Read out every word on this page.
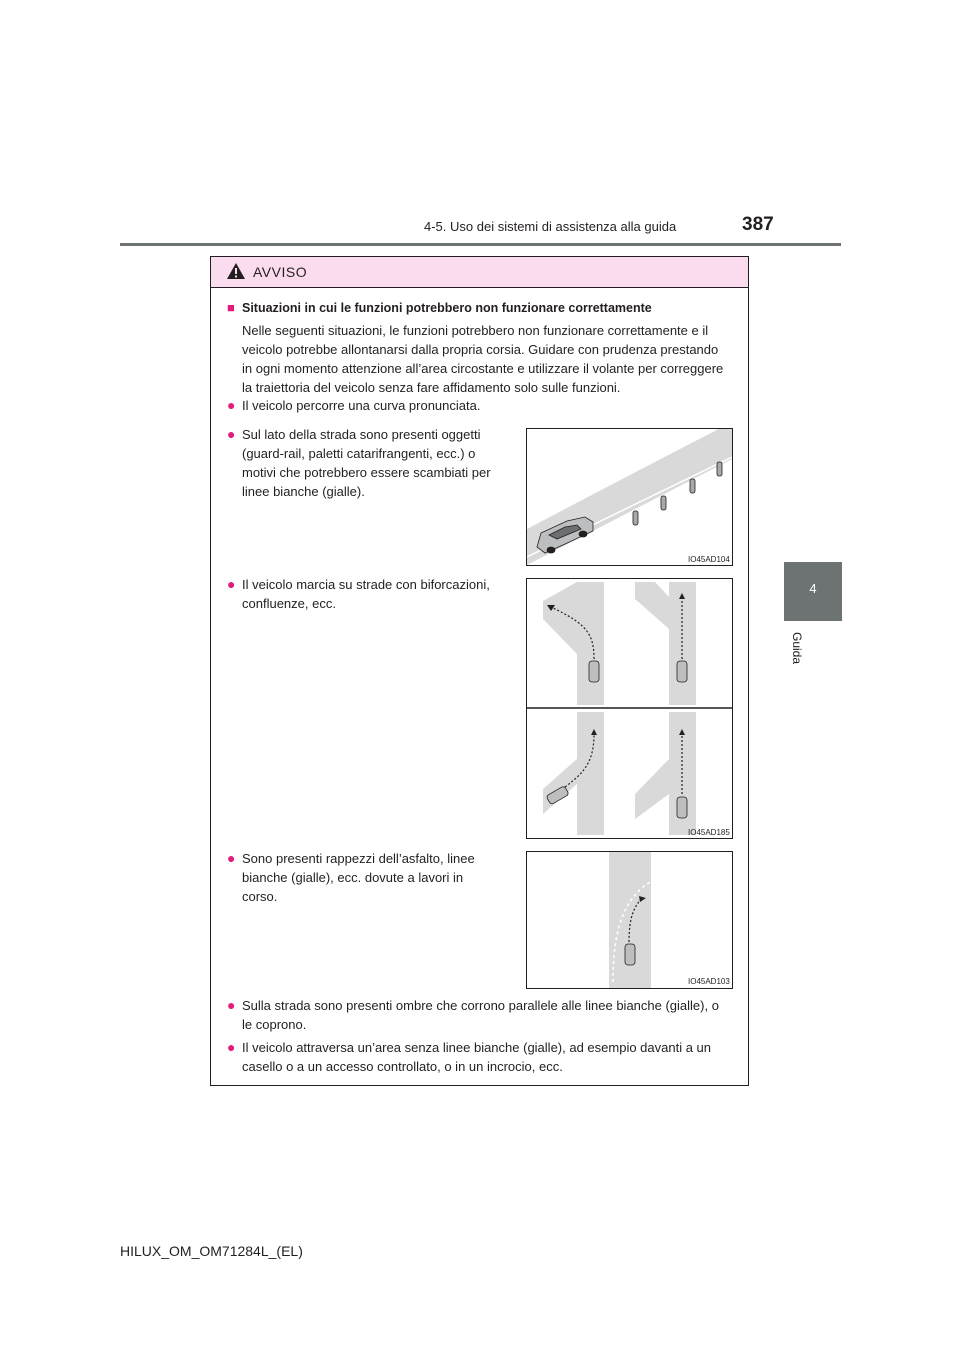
4-5. Uso dei sistemi di assistenza alla guida	387
4
Guida
AVVISO
■ Situazioni in cui le funzioni potrebbero non funzionare correttamente
Nelle seguenti situazioni, le funzioni potrebbero non funzionare correttamente e il
veicolo potrebbe allontanarsi dalla propria corsia. Guidare con prudenza prestando
in ogni momento attenzione all’area circostante e utilizzare il volante per correggere
la traiettoria del veicolo senza fare affidamento solo sulle funzioni.
● Il veicolo percorre una curva pronunciata.
● Sul lato della strada sono presenti oggetti
(guard-rail, paletti catarifrangenti, ecc.) o
motivi che potrebbero essere scambiati per
linee bianche (gialle).
IO45AD104
● Il veicolo marcia su strade con biforcazioni,
confluenze, ecc.
IO45AD185
● Sono presenti rappezzi dell’asfalto, linee
bianche (gialle), ecc. dovute a lavori in
corso.
IO45AD103
● Sulla strada sono presenti ombre che corrono parallele alle linee bianche (gialle), o
le coprono.
● Il veicolo attraversa un’area senza linee bianche (gialle), ad esempio davanti a un
casello o a un accesso controllato, o in un incrocio, ecc.
HILUX_OM_OM71284L_(EL)
